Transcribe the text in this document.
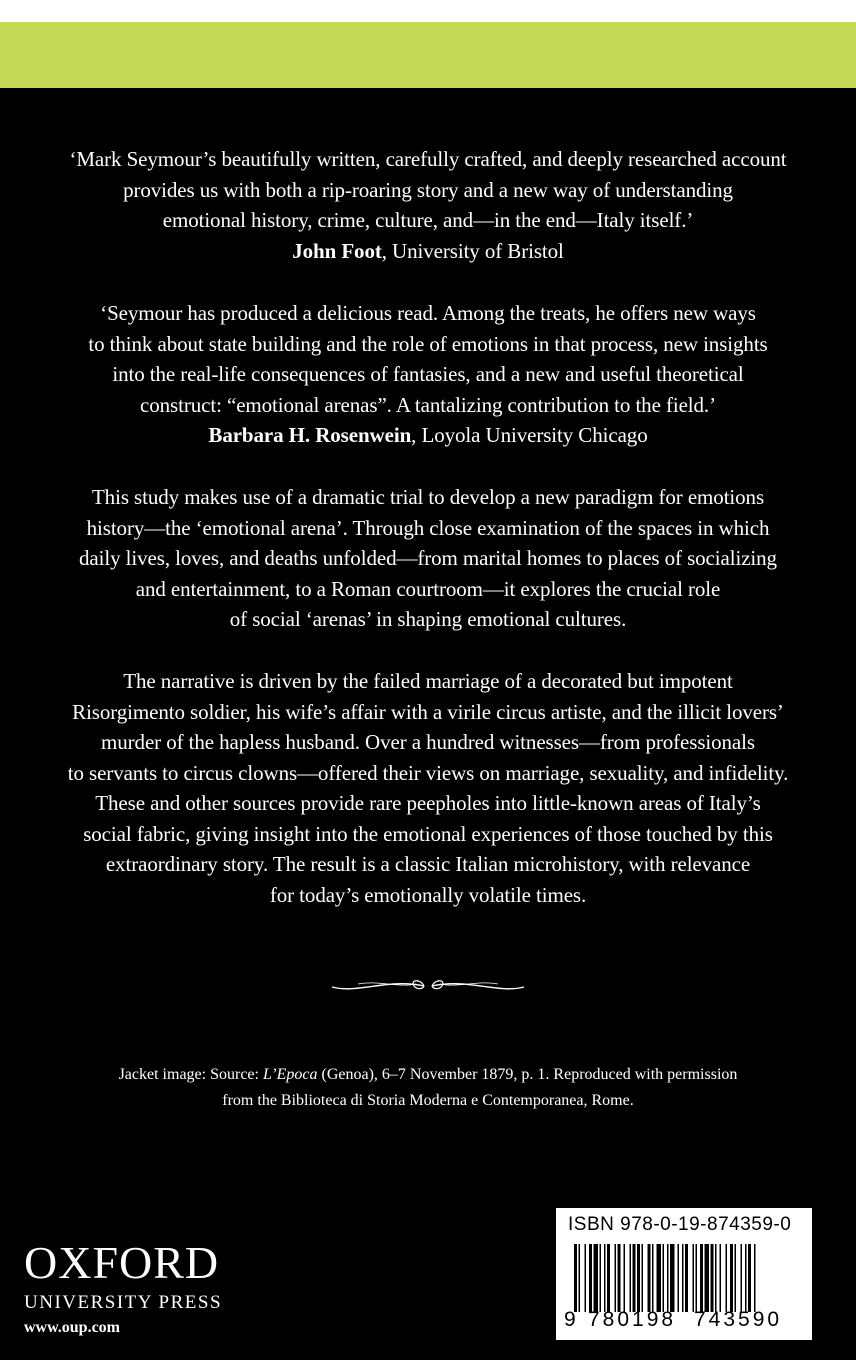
‘Mark Seymour’s beautifully written, carefully crafted, and deeply researched account

provides us with both a rip-roaring story and a new way of understanding

emotional history, crime, culture, and—in the end—Italy itself.’

John Foot, University of Bristol

‘Seymour has produced a delicious read. Among the treats, he offers new ways

to think about state building and the role of emotions in that process, new insights

into the real-life consequences of fantasies, and a new and useful theoretical

construct: “emotional arenas”. A tantalizing contribution to the field.’

Barbara H. Rosenwein, Loyola University Chicago

This study makes use of a dramatic trial to develop a new paradigm for emotions

history—the ‘emotional arena’. Through close examination of the spaces in which

daily lives, loves, and deaths unfolded—from marital homes to places of socializing

and entertainment, to a Roman courtroom—it explores the crucial role

of social ‘arenas’ in shaping emotional cultures.

The narrative is driven by the failed marriage of a decorated but impotent

Risorgimento soldier, his wife’s affair with a virile circus artiste, and the illicit lovers’

murder of the hapless husband. Over a hundred witnesses—from professionals

to servants to circus clowns—offered their views on marriage, sexuality, and infidelity.

These and other sources provide rare peepholes into little-known areas of Italy’s

social fabric, giving insight into the emotional experiences of those touched by this

extraordinary story. The result is a classic Italian microhistory, with relevance

for today’s emotionally volatile times.

Jacket image: Source: L’Epoca (Genoa), 6–7 November 1879, p. 1. Reproduced with permission

from the Biblioteca di Storia Moderna e Contemporanea, Rome.

OXFORD
UNIVERSITY PRESS
www.oup.com
ISBN 978-0-19-874359-0
9 780198 743590
